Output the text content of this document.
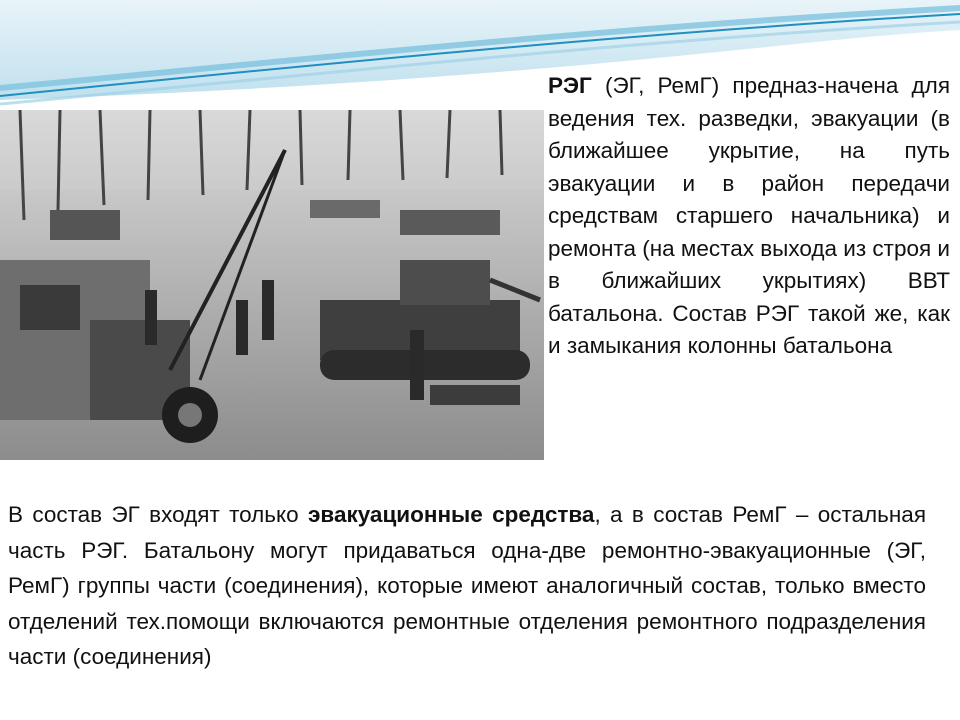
РЭГ (ЭГ, РемГ) предназ-начена для ведения тех. разведки, эвакуации (в ближайшее укрытие, на путь эвакуации и в район передачи средствам старшего начальника) и ремонта (на местах выхода из строя и в ближайших укрытиях) ВВТ батальона. Состав РЭГ такой же, как и замыкания колонны батальона
В состав ЭГ входят только эвакуационные средства, а в состав РемГ – остальная часть РЭГ. Батальону могут придаваться одна-две ремонтно-эвакуационные (ЭГ, РемГ) группы части (соединения), которые имеют аналогичный состав, только вместо отделений тех.помощи включаются ремонтные отделения ремонтного подразделения части (соединения)
